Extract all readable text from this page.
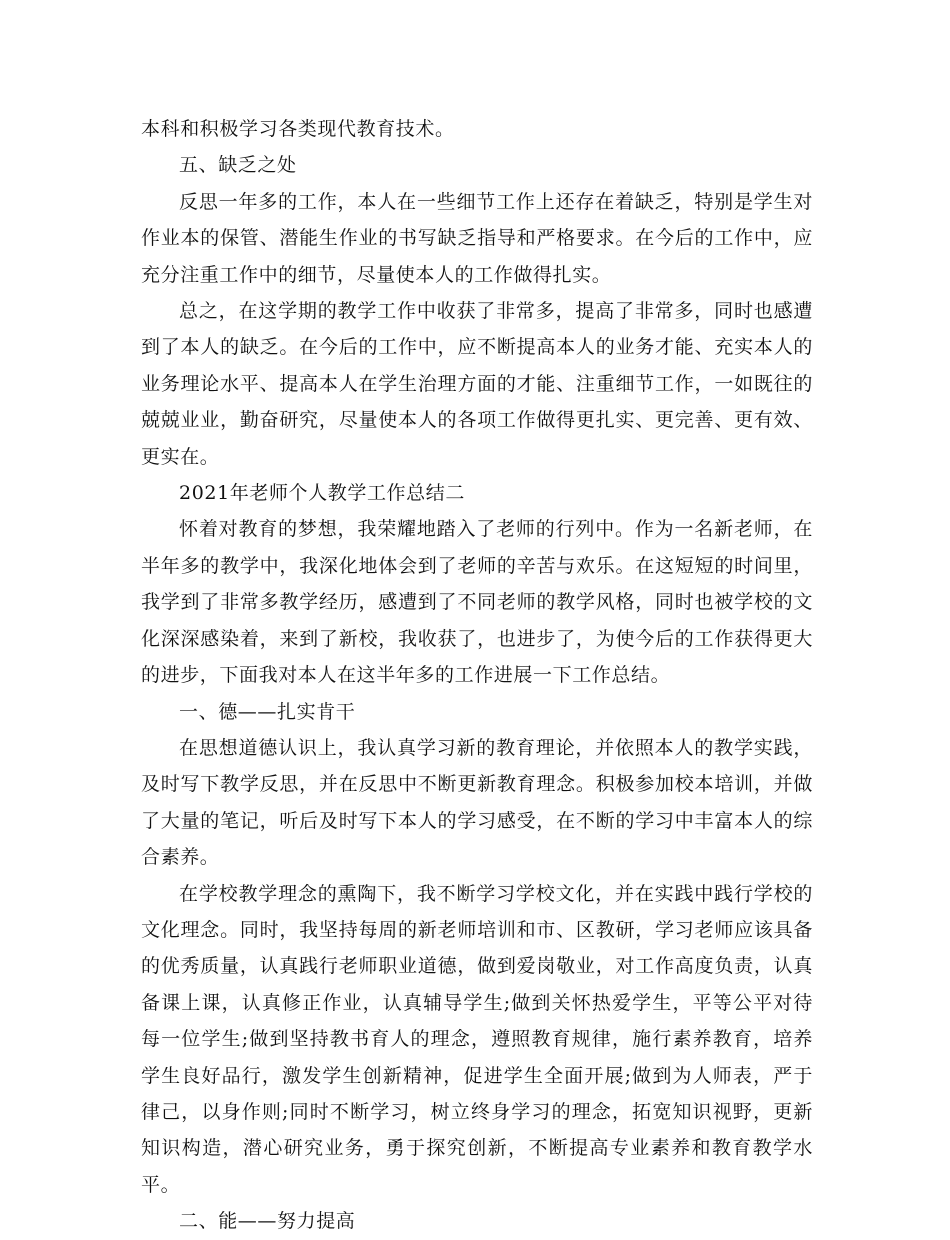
本科和积极学习各类现代教育技术。

五、缺乏之处

反思一年多的工作，本人在一些细节工作上还存在着缺乏，特别是学生对作业本的保管、潜能生作业的书写缺乏指导和严格要求。在今后的工作中，应充分注重工作中的细节，尽量使本人的工作做得扎实。

总之，在这学期的教学工作中收获了非常多，提高了非常多，同时也感遭到了本人的缺乏。在今后的工作中，应不断提高本人的业务才能、充实本人的业务理论水平、提高本人在学生治理方面的才能、注重细节工作，一如既往的兢兢业业，勤奋研究，尽量使本人的各项工作做得更扎实、更完善、更有效、更实在。

2021年老师个人教学工作总结二

怀着对教育的梦想，我荣耀地踏入了老师的行列中。作为一名新老师，在半年多的教学中，我深化地体会到了老师的辛苦与欢乐。在这短短的时间里，我学到了非常多教学经历，感遭到了不同老师的教学风格，同时也被学校的文化深深感染着，来到了新校，我收获了，也进步了，为使今后的工作获得更大的进步，下面我对本人在这半年多的工作进展一下工作总结。

一、德——扎实肯干

在思想道德认识上，我认真学习新的教育理论，并依照本人的教学实践，及时写下教学反思，并在反思中不断更新教育理念。积极参加校本培训，并做了大量的笔记，听后及时写下本人的学习感受，在不断的学习中丰富本人的综合素养。

在学校教学理念的熏陶下，我不断学习学校文化，并在实践中践行学校的文化理念。同时，我坚持每周的新老师培训和市、区教研，学习老师应该具备的优秀质量，认真践行老师职业道德，做到爱岗敬业，对工作高度负责，认真备课上课，认真修正作业，认真辅导学生;做到关怀热爱学生，平等公平对待每一位学生;做到坚持教书育人的理念，遵照教育规律，施行素养教育，培养学生良好品行，激发学生创新精神，促进学生全面开展;做到为人师表，严于律己，以身作则;同时不断学习，树立终身学习的理念，拓宽知识视野，更新知识构造，潜心研究业务，勇于探究创新，不断提高专业素养和教育教学水平。

二、能——努力提高
